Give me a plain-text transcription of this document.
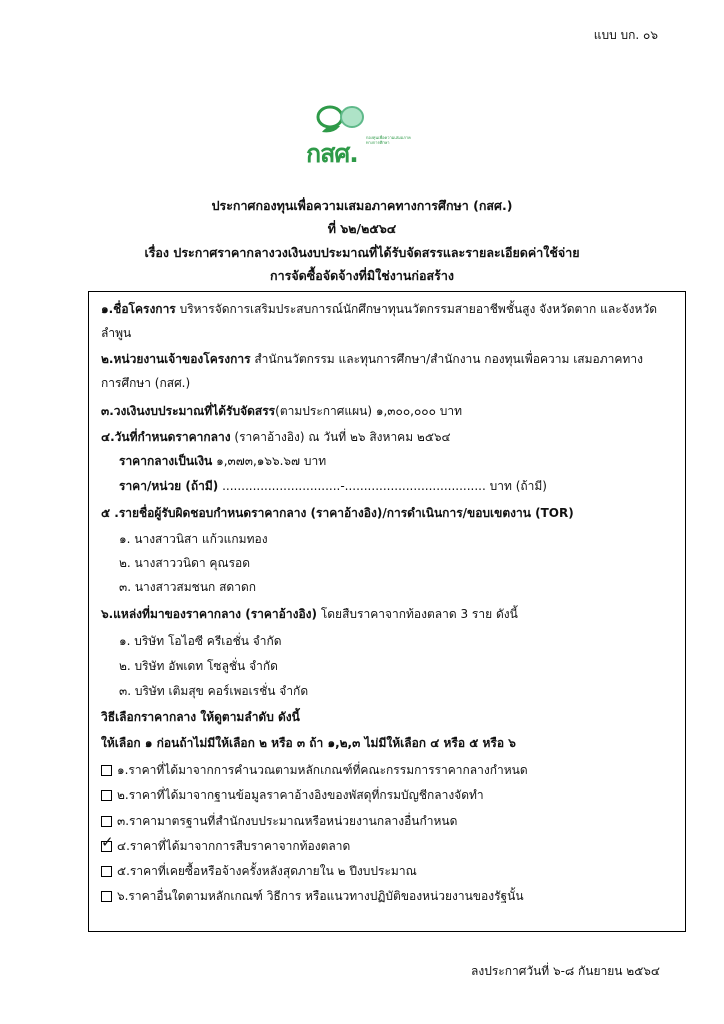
แบบ บก. ๐๖
กสศ.
กองทุนเพื่อความเสมอภาคทางการศึกษา
ประกาศกองทุนเพื่อความเสมอภาคทางการศึกษา (กสศ.)
ที่ ๖๒/๒๕๖๔
เรื่อง ประกาศราคากลางวงเงินงบประมาณที่ได้รับจัดสรรและรายละเอียดค่าใช้จ่าย
การจัดซื้อจัดจ้างที่มิใช่งานก่อสร้าง
๑.ชื่อโครงการ บริหารจัดการเสริมประสบการณ์นักศึกษาทุนนวัตกรรมสายอาชีพชั้นสูง จังหวัดตาก และจังหวัด
ลำพูน
๒.หน่วยงานเจ้าของโครงการ สำนักนวัตกรรม และทุนการศึกษา/สำนักงาน กองทุนเพื่อความ เสมอภาคทาง
การศึกษา (กสศ.)
๓.วงเงินงบประมาณที่ได้รับจัดสรร(ตามประกาศแผน) ๑,๓๐๐,๐๐๐ บาท
๔.วันที่กำหนดราคากลาง (ราคาอ้างอิง) ณ วันที่ ๒๖ สิงหาคม ๒๕๖๔
ราคากลางเป็นเงิน ๑,๓๗๓,๑๖๖.๖๗ บาท
ราคา/หน่วย (ถ้ามี) ...............................-..................................... บาท (ถ้ามี)
๕ .รายชื่อผู้รับผิดชอบกำหนดราคากลาง (ราคาอ้างอิง)/การดำเนินการ/ขอบเขตงาน (TOR)
๑. นางสาวนิสา แก้วแกมทอง
๒. นางสาววนิดา คุณรอด
๓. นางสาวสมชนก สดาดก
๖.แหล่งที่มาของราคากลาง (ราคาอ้างอิง) โดยสืบราคาจากท้องตลาด 3 ราย ดังนี้
๑. บริษัท โอไอซี ครีเอชั่น จำกัด
๒. บริษัท อัพเดท โซลูชั่น จำกัด
๓. บริษัท เติมสุข คอร์เพอเรชั่น จำกัด
วิธีเลือกราคากลาง ให้ดูตามลำดับ ดังนี้
ให้เลือก ๑ ก่อนถ้าไม่มีให้เลือก ๒ หรือ ๓ ถ้า ๑,๒,๓ ไม่มีให้เลือก ๔ หรือ ๕ หรือ ๖
๑.ราคาที่ได้มาจากการคำนวณตามหลักเกณฑ์ที่คณะกรรมการราคากลางกำหนด
๒.ราคาที่ได้มาจากฐานข้อมูลราคาอ้างอิงของพัสดุที่กรมบัญชีกลางจัดทำ
๓.ราคามาตรฐานที่สำนักงบประมาณหรือหน่วยงานกลางอื่นกำหนด
✓ ๔.ราคาที่ได้มาจากการสืบราคาจากท้องตลาด
๕.ราคาที่เคยซื้อหรือจ้างครั้งหลังสุดภายใน ๒ ปีงบประมาณ
๖.ราคาอื่นใดตามหลักเกณฑ์ วิธีการ หรือแนวทางปฏิบัติของหน่วยงานของรัฐนั้น
ลงประกาศวันที่ ๖-๘ กันยายน ๒๕๖๔
